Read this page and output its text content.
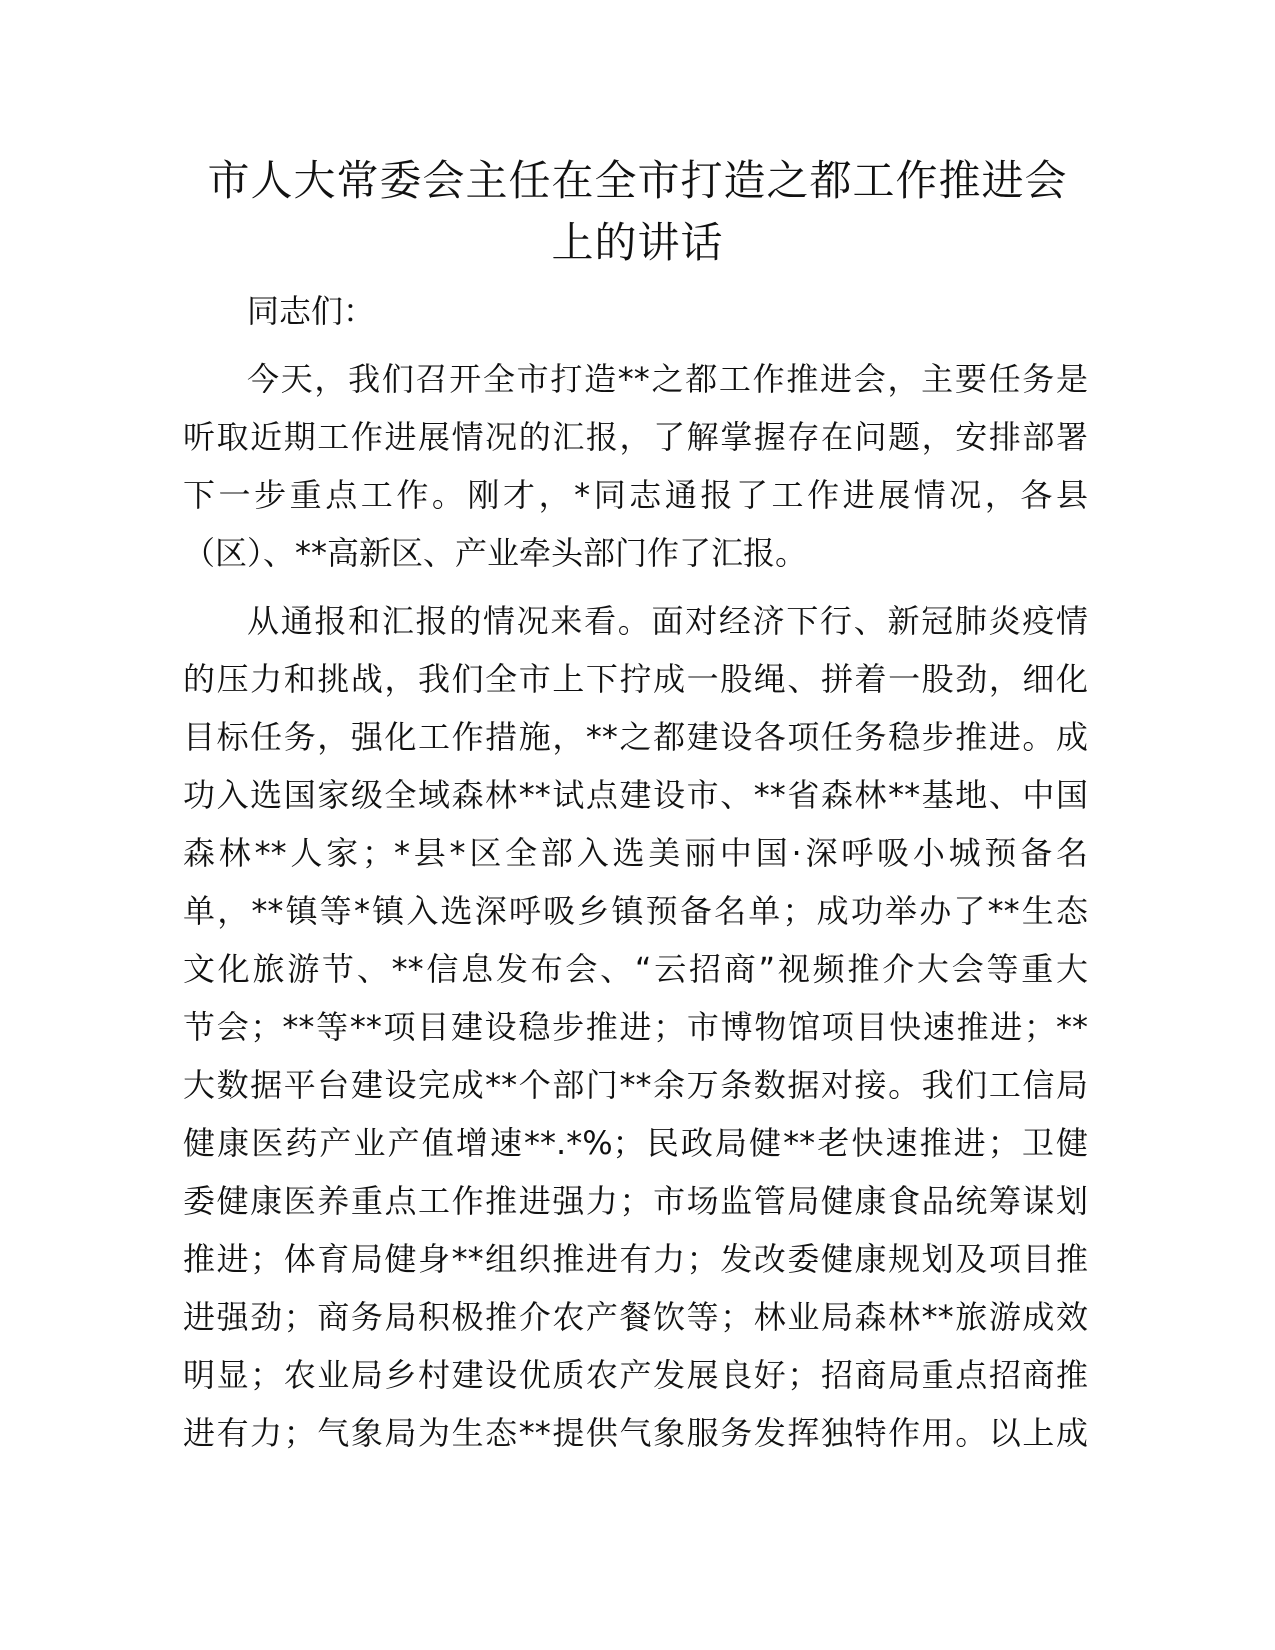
市人大常委会主任在全市打造之都工作推进会
上的讲话

同志们：

今天，我们召开全市打造**之都工作推进会，主要任务是
听取近期工作进展情况的汇报，了解掌握存在问题，安排部署
下一步重点工作。刚才，*同志通报了工作进展情况，各县
（区）、**高新区、产业牵头部门作了汇报。
从通报和汇报的情况来看。面对经济下行、新冠肺炎疫情
的压力和挑战，我们全市上下拧成一股绳、拼着一股劲，细化
目标任务，强化工作措施，**之都建设各项任务稳步推进。成
功入选国家级全域森林**试点建设市、**省森林**基地、中国
森林**人家；*县*区全部入选美丽中国·深呼吸小城预备名
单，**镇等*镇入选深呼吸乡镇预备名单；成功举办了**生态
文化旅游节、**信息发布会、“云招商”视频推介大会等重大
节会；**等**项目建设稳步推进；市博物馆项目快速推进；**
大数据平台建设完成**个部门**余万条数据对接。我们工信局
健康医药产业产值增速**.*%；民政局健**老快速推进；卫健
委健康医养重点工作推进强力；市场监管局健康食品统筹谋划
推进；体育局健身**组织推进有力；发改委健康规划及项目推
进强劲；商务局积极推介农产餐饮等；林业局森林**旅游成效
明显；农业局乡村建设优质农产发展良好；招商局重点招商推
进有力；气象局为生态**提供气象服务发挥独特作用。以上成
